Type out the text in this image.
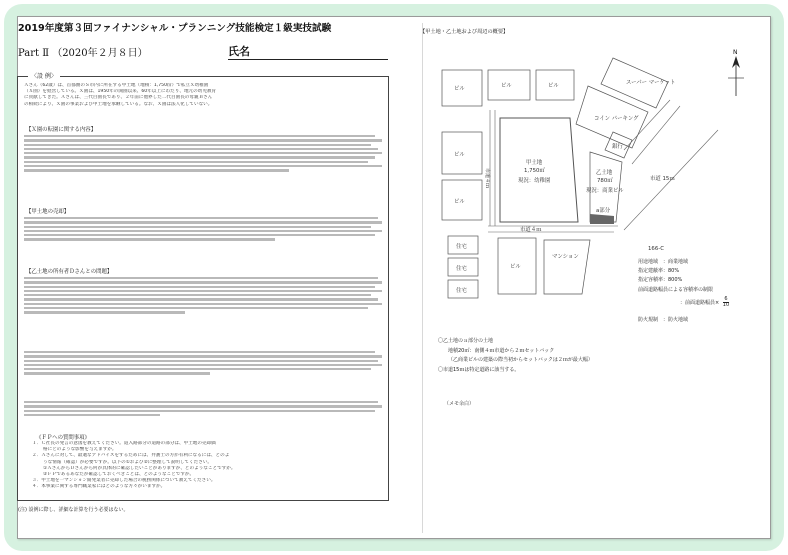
2019年度第３回ファイナンシャル・プランニング技能検定１級実技試験
Part Ⅱ （2020年２月８日）	氏名
〈設 例〉
Ａさん（62歳）は、首都圏のＳ市内に所在する甲土地（地積：1,750㎡）で私立Ｘ幼稚園
（Ｘ園）を経営している。Ｘ園は、1950年の開園以来、60年以上にわたり、地元の幼児教育
に貢献してきた。Ａさんは、三代目園長であり、２年前に他界した二代目園長の母親Ｂさん
の相続により、Ｘ園の事業および甲土地を承継している。なお、Ｘ園は法人化していない。
【Ｘ園の転園に関する内容】
【甲土地の売却】
【乙土地の所有者Ｄさんとの問題】
《ＦＰへの質問事項》
１．Ｃ社長の発言の意図を教えてください。道入路部分の道路の部分は、甲土地の売却価
格にどのような影響を与えますか。
２．Ａさんに対して、最適なアドバイスをするためには、弁護士の方が有利になるには、どのよ
うな情報（確認）が必要ですか。以下の①および②に整理して説明してください。
①ＡさんからＤさんから何が具体的に確認したいことがありますか、どのようなことですか。
②ＦＰであるあなたが確認しておくべきことは、どのようなことですか。
３．甲土地を一マンション開発業者に売却した場合の税務関係について教えてください。
４．本事案に関する専門職業家にはどのような方々がいますか。
(注) 設例に際し、詳細な計算を行う必要はない。
【甲土地・乙土地および周辺の概要】
N
ビル	ビル	ビル
ビル
ビル
ビル
スーパー マーケット
コイン パーキング
銀行
甲土地
1,750㎡
現況：幼稚園
乙土地
780㎡
現況：商業ビル
a部分
市道４ｍ
市道 15ｍ
住宅
住宅
住宅
マンション
166-C
市道４ｍ
用途地域　：商業地域
指定建蔽率：80%
指定容積率：800%
前面道路幅員による容積率の制限
：前面道路幅員× $\frac{6}{10}$
防火規制　：防火地域
〇乙土地のａ部分の土地
地積20㎡：南側４ｍ市道から２ｍセットバック
（乙商業ビルの建築の際当初からセットバックは２ｍが最大幅）
〇市道15ｍは特定道路に該当する。
（メモ余白）
